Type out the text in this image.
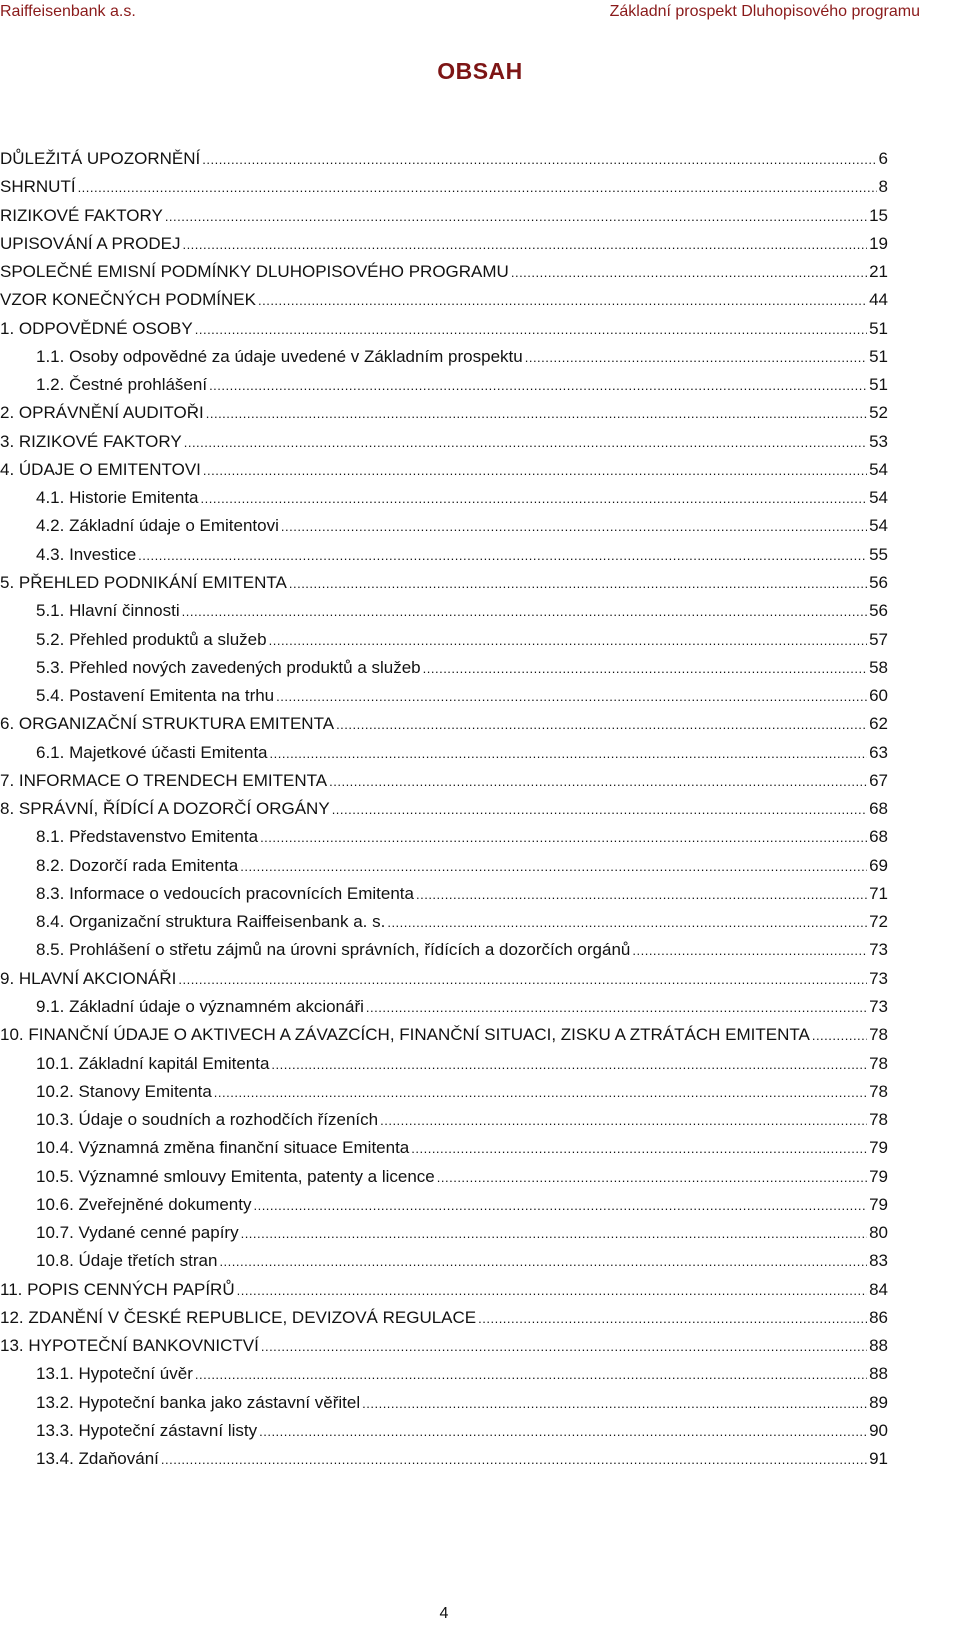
Raiffeisenbank a.s.	Základní prospekt Dluhopisového programu
OBSAH
DŮLEŽITÁ UPOZORNĚNÍ .....	6
SHRNUTÍ .....	8
RIZIKOVÉ FAKTORY .....	15
UPISOVÁNÍ A PRODEJ .....	19
SPOLEČNÉ EMISNÍ PODMÍNKY DLUHOPISOVÉHO PROGRAMU .....	21
VZOR KONEČNÝCH PODMÍNEK .....	44
1. ODPOVĚDNÉ OSOBY .....	51
1.1. Osoby odpovědné za údaje uvedené v Základním prospektu .....	51
1.2. Čestné prohlášení .....	51
2. OPRÁVNĚNÍ AUDITOŘI .....	52
3. RIZIKOVÉ FAKTORY .....	53
4. ÚDAJE O EMITENTOVI .....	54
4.1. Historie Emitenta .....	54
4.2. Základní údaje o Emitentovi .....	54
4.3. Investice .....	55
5. PŘEHLED PODNIKÁNÍ EMITENTA .....	56
5.1. Hlavní činnosti .....	56
5.2. Přehled produktů a služeb .....	57
5.3. Přehled nových zavedených produktů a služeb .....	58
5.4. Postavení Emitenta na trhu .....	60
6. ORGANIZAČNÍ STRUKTURA EMITENTA .....	62
6.1. Majetkové účasti Emitenta .....	63
7. INFORMACE O TRENDECH EMITENTA .....	67
8. SPRÁVNÍ, ŘÍDÍCÍ A DOZORČÍ ORGÁNY .....	68
8.1. Představenstvo Emitenta .....	68
8.2. Dozorčí rada Emitenta .....	69
8.3. Informace o vedoucích pracovnících Emitenta .....	71
8.4. Organizační struktura Raiffeisenbank a. s. .....	72
8.5. Prohlášení o střetu zájmů na úrovni správních, řídících a dozorčích orgánů .....	73
9. HLAVNÍ AKCIONÁŘI .....	73
9.1. Základní údaje o významném akcionáři .....	73
10. FINANČNÍ ÚDAJE O AKTIVECH A ZÁVAZCÍCH, FINANČNÍ SITUACI, ZISKU A ZTRÁTÁCH EMITENTA .....	78
10.1. Základní kapitál Emitenta .....	78
10.2. Stanovy Emitenta .....	78
10.3. Údaje o soudních a rozhodčích řízeních .....	78
10.4. Významná změna finanční situace Emitenta .....	79
10.5. Významné smlouvy Emitenta, patenty a licence .....	79
10.6. Zveřejněné dokumenty .....	79
10.7. Vydané cenné papíry .....	80
10.8. Údaje třetích stran .....	83
11. POPIS CENNÝCH PAPÍRŮ .....	84
12. ZDANĚNÍ V ČESKÉ REPUBLICE, DEVIZOVÁ REGULACE .....	86
13. HYPOTEČNÍ BANKOVNICTVÍ .....	88
13.1. Hypoteční úvěr .....	88
13.2. Hypoteční banka jako zástavní věřitel .....	89
13.3. Hypoteční zástavní listy .....	90
13.4. Zdaňování .....	91
4
